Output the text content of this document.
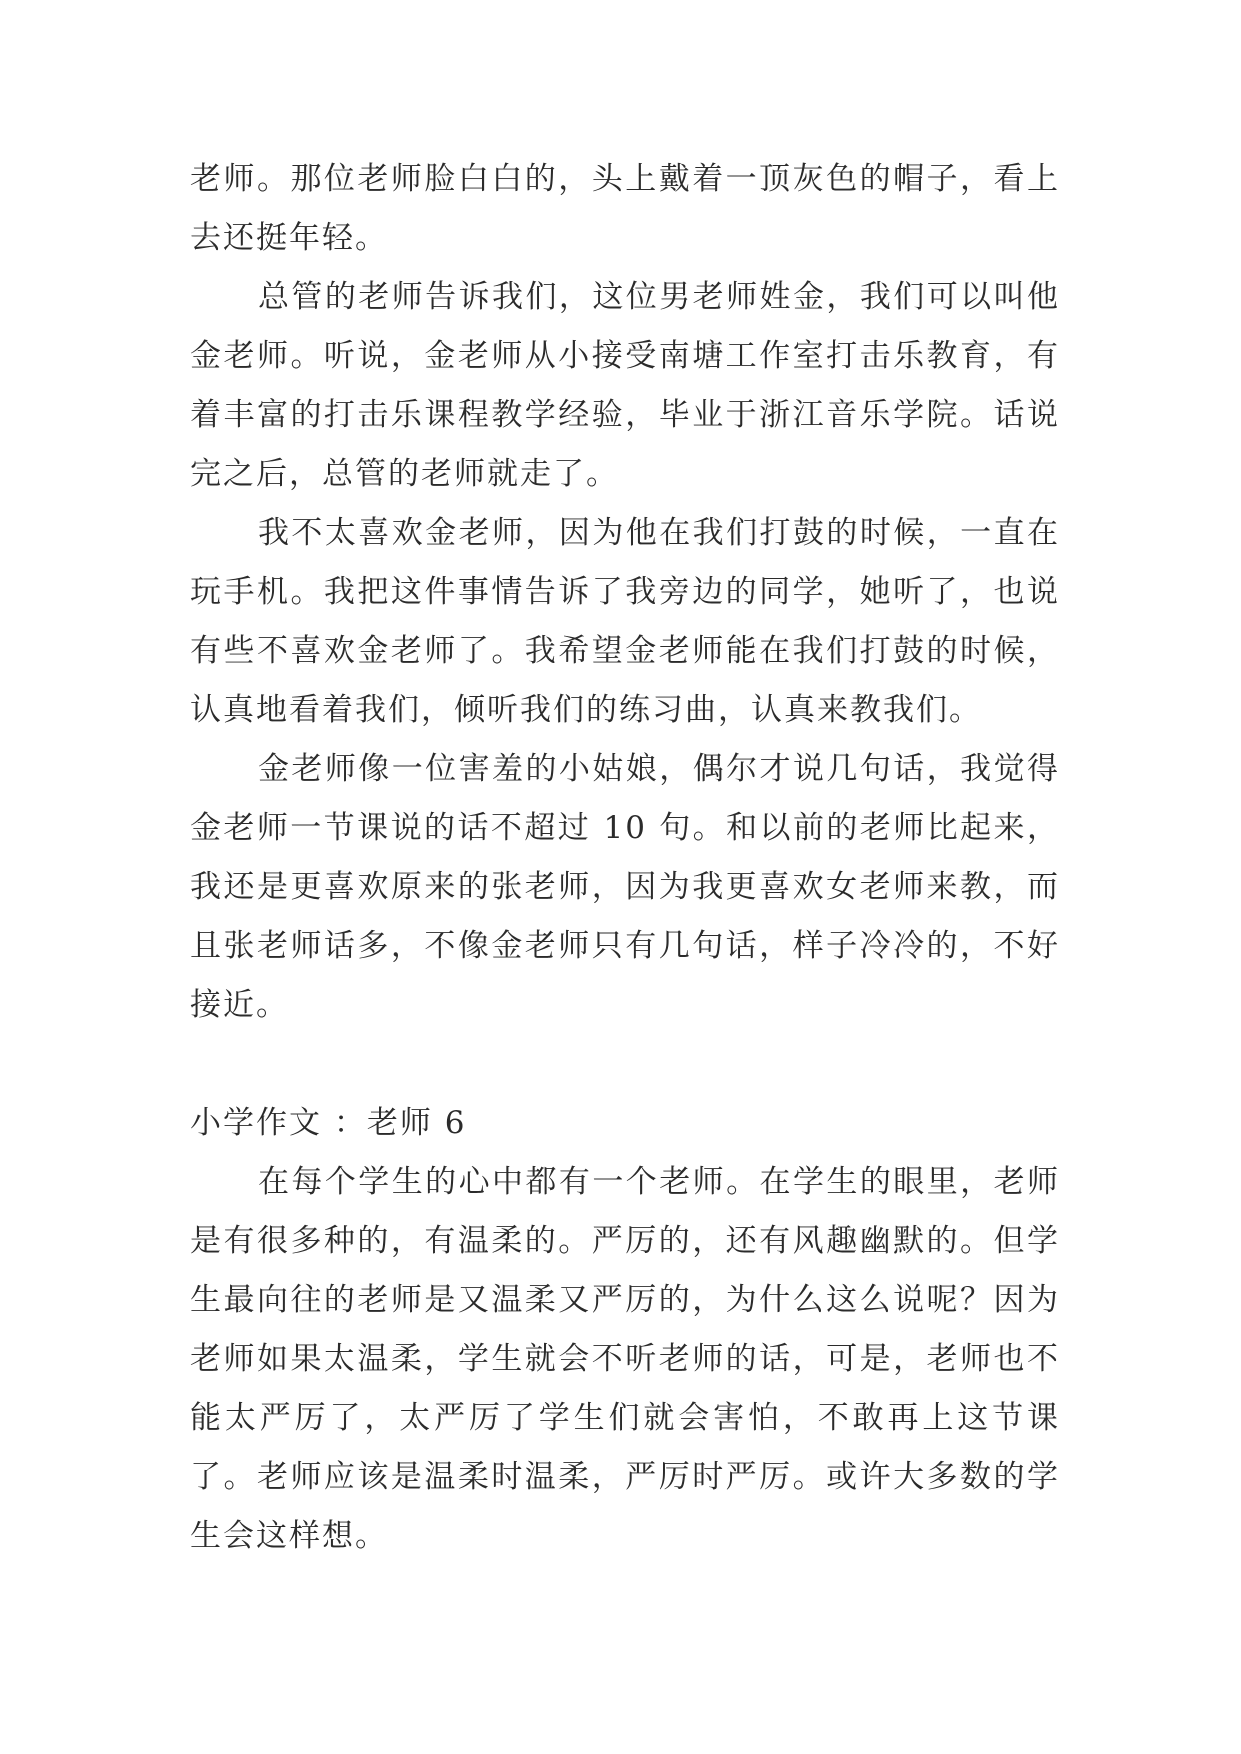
老师。那位老师脸白白的，头上戴着一顶灰色的帽子，看上去还挺年轻。

总管的老师告诉我们，这位男老师姓金，我们可以叫他金老师。听说，金老师从小接受南塘工作室打击乐教育，有着丰富的打击乐课程教学经验，毕业于浙江音乐学院。话说完之后，总管的老师就走了。

我不太喜欢金老师，因为他在我们打鼓的时候，一直在玩手机。我把这件事情告诉了我旁边的同学，她听了，也说有些不喜欢金老师了。我希望金老师能在我们打鼓的时候，认真地看着我们，倾听我们的练习曲，认真来教我们。

金老师像一位害羞的小姑娘，偶尔才说几句话，我觉得金老师一节课说的话不超过 10 句。和以前的老师比起来，我还是更喜欢原来的张老师，因为我更喜欢女老师来教，而且张老师话多，不像金老师只有几句话，样子冷冷的，不好接近。

小学作文 ：老师 6

在每个学生的心中都有一个老师。在学生的眼里，老师是有很多种的，有温柔的。严厉的，还有风趣幽默的。但学生最向往的老师是又温柔又严厉的，为什么这么说呢？因为老师如果太温柔，学生就会不听老师的话，可是，老师也不能太严厉了，太严厉了学生们就会害怕，不敢再上这节课了。老师应该是温柔时温柔，严厉时严厉。或许大多数的学生会这样想。
